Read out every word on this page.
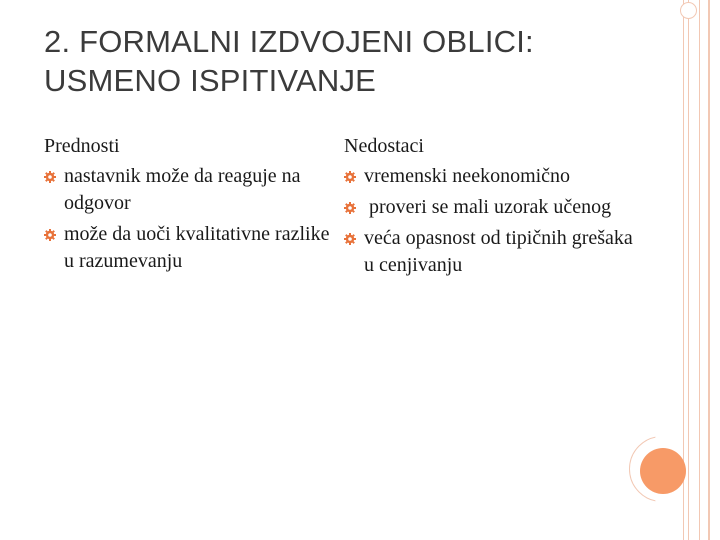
2. FORMALNI IZDVOJENI OBLICI:
USMENO ISPITIVANJE
Prednosti
nastavnik može da reaguje na odgovor
može da uoči kvalitativne razlike u razumevanju
Nedostaci
vremenski neekonomično
proveri se mali uzorak učenog
veća opasnost od tipičnih grešaka u cenjivanju
